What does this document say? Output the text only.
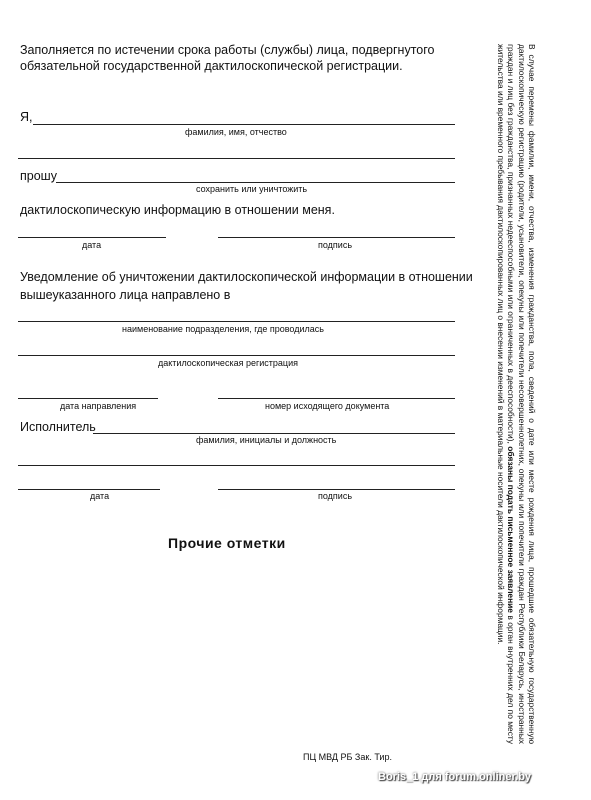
Заполняется по истечении срока работы (службы) лица, подвергнутого
обязательной государственной дактилоскопической регистрации.
Я,
фамилия, имя, отчество
прошу
сохранить или уничтожить
дактилоскопическую информацию в отношении меня.
дата	подпись
Уведомление об уничтожении дактилоскопической информации в отношении
вышеуказанного лица направлено в
наименование подразделения, где проводилась
дактилоскопическая регистрация
дата направления	номер исходящего документа
Исполнитель
фамилия, инициалы и должность
дата	подпись
Прочие отметки
ПЦ МВД РБ Зак. Тир.
Boris_1 для forum.onliner.by

В случае перемены фамилии, имени, отчества, изменения гражданства, пола, сведений о дате или месте рождения лица, прошедшие обязательную государственную дактилоскопическую регистрацию (родители, усыновители, опекуны или попечители несовершеннолетних, опекуны или попечители граждан Республики Беларусь, иностранных граждан и лиц без гражданства, признанных недееспособными или ограниченных в дееспособности), обязаны подать письменное заявление в орган внутренних дел по месту жительства или временного пребывания дактилоскопированных лиц о внесении изменений в материальные носители дактилоскопической информации.
